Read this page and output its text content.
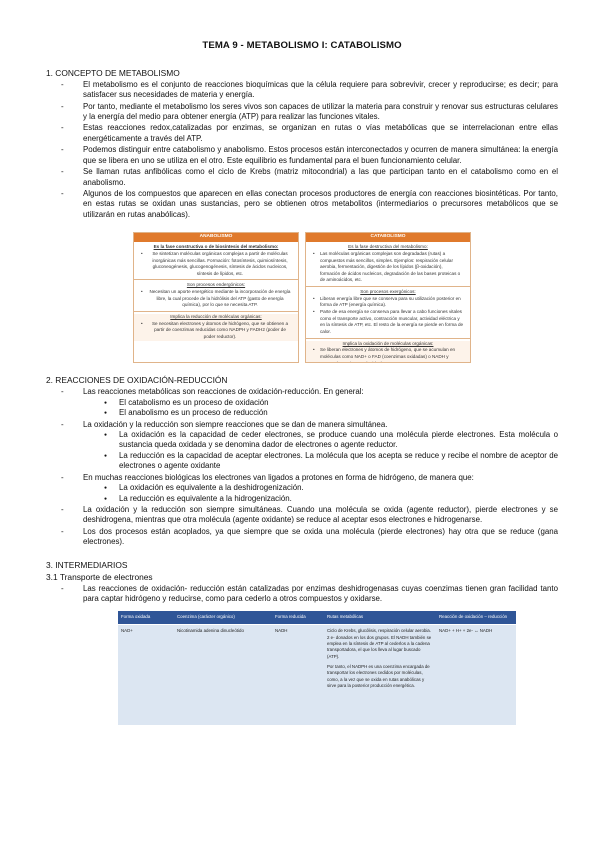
TEMA 9 - METABOLISMO I: CATABOLISMO
1. CONCEPTO DE METABOLISMO
- El metabolismo es el conjunto de reacciones bioquímicas que la célula requiere para sobrevivir, crecer y reproducirse; es decir; para satisfacer sus necesidades de materia y energía.
- Por tanto, mediante el metabolismo los seres vivos son capaces de utilizar la materia para construir y renovar sus estructuras celulares y la energía del medio para obtener energía (ATP) para realizar las funciones vitales.
- Estas reacciones redox,catalizadas por enzimas, se organizan en rutas o vías metabólicas que se interrelacionan entre ellas energéticamente a través del ATP.
- Podemos distinguir entre catabolismo y anabolismo. Estos procesos están interconectados y ocurren de manera simultánea: la energía que se libera en uno se utiliza en el otro. Este equilibrio es fundamental para el buen funcionamiento celular.
- Se llaman rutas anfibólicas como el ciclo de Krebs (matriz mitocondrial) a las que participan tanto en el catabolismo como en el anabolismo.
- Algunos de los compuestos que aparecen en ellas conectan procesos productores de energía con reacciones biosintéticas. Por tanto, en estas rutas se oxidan unas sustancias, pero se obtienen otros metabolitos (intermediarios o precursores metabólicos que se utilizarán en rutas anabólicas).
ANABOLISMO
Es la fase constructiva o de biosíntesis del metabolismo:
• Se sintetizan moléculas orgánicas complejas a partir de moléculas inorgánicas más sencillas. Formación: fotosíntesis, quimiosíntesis, gluconeogénesis, glucogenogénesis, síntesis de ácidos nucleicos, síntesis de lípidos, etc.
Son procesos endergónicos:
• Necesitan un aporte energético mediante la incorporación de energía libre, la cual procede de la hidrólisis del ATP (gasto de energía química), por lo que se necesita ATP.
Implica la reducción de moléculas orgánicas:
• Se necesitan electrones y átomos de hidrógeno, que se obtienen a partir de coenzimas reducidas como NADPH y FADH2 (poder de poder reductor).
CATABOLISMO
Es la fase destructiva del metabolismo:
• Las moléculas orgánicas complejas son degradadas (rutas) a compuestos más sencillos, simples. Ejemplos: respiración celular aerobia, fermentación, digestión de los lípidos (β-oxidación), formación de ácidos nucleicos, degradación de las bases proteicas o de aminoácidos, etc.
Son procesos exergónicos:
• Liberan energía libre que se conserva para su utilización posterior en forma de ATP (energía química).
• Parte de esa energía se conserva para llevar a cabo funciones vitales como el transporte activo, contracción muscular, actividad eléctrica y en la síntesis de ATP, etc. El resto de la energía se pierde en forma de calor.
Implica la oxidación de moléculas orgánicas:
• Se liberan electrones y átomos de hidrógeno, que se acumulan en moléculas como NAD+ o FAD (coenzimas oxidadas) o NADH y FADH2 (coenzimas reducidas).
2. REACCIONES DE OXIDACIÓN-REDUCCIÓN
- Las reacciones metabólicas son reacciones de oxidación-reducción. En general:
● El catabolismo es un proceso de oxidación
● El anabolismo es un proceso de reducción
- La oxidación y la reducción son siempre reacciones que se dan de manera simultánea.
● La oxidación es la capacidad de ceder electrones, se produce cuando una molécula pierde electrones. Esta molécula o sustancia queda oxidada y se denomina dador de electrones o agente reductor.
● La reducción es la capacidad de aceptar electrones. La molécula que los acepta se reduce y recibe el nombre de aceptor de electrones o agente oxidante
- En muchas reacciones biológicas los electrones van ligados a protones en forma de hidrógeno, de manera que:
● La oxidación es equivalente a la deshidrogenización.
● La reducción es equivalente a la hidrogenización.
- La oxidación y la reducción son siempre simultáneas. Cuando una molécula se oxida (agente reductor), pierde electrones y se deshidrogena, mientras que otra molécula (agente oxidante) se reduce al aceptar esos electrones e hidrogenarse.
- Los dos procesos están acoplados, ya que siempre que se oxida una molécula (pierde electrones) hay otra que se reduce (gana electrones).
3. INTERMEDIARIOS
3.1 Transporte de electrones
- Las reacciones de oxidación- reducción están catalizadas por enzimas deshidrogenasas cuyas coenzimas tienen gran facilidad tanto para captar hidrógeno y reducirse, como para cederlo a otros compuestos y oxidarse.
Forma oxidada	Coenzima (carácter orgánico)	Forma reducida	Rutas metabólicas	Reacción de oxidación – reducción
NAD+	Nicotinamida adenina dinucleótido	NADH	Ciclo de Krebs, glucólisis, respiración celular aerobia. 2 e- donados en los dos grupos. El NADH también se emplea en la síntesis de ATP al cederlos a la cadena transportadora, el que los lleva al lugar buscado (ATP).

Por tanto, el NADPH es una coenzima encargada de transportar los electrones cedidos por moléculas, como, a la vez que se oxida en rutas anabólicas y sirve para la posterior producción energética.	NAD+ + H+ + 2e- ↔ NADH
